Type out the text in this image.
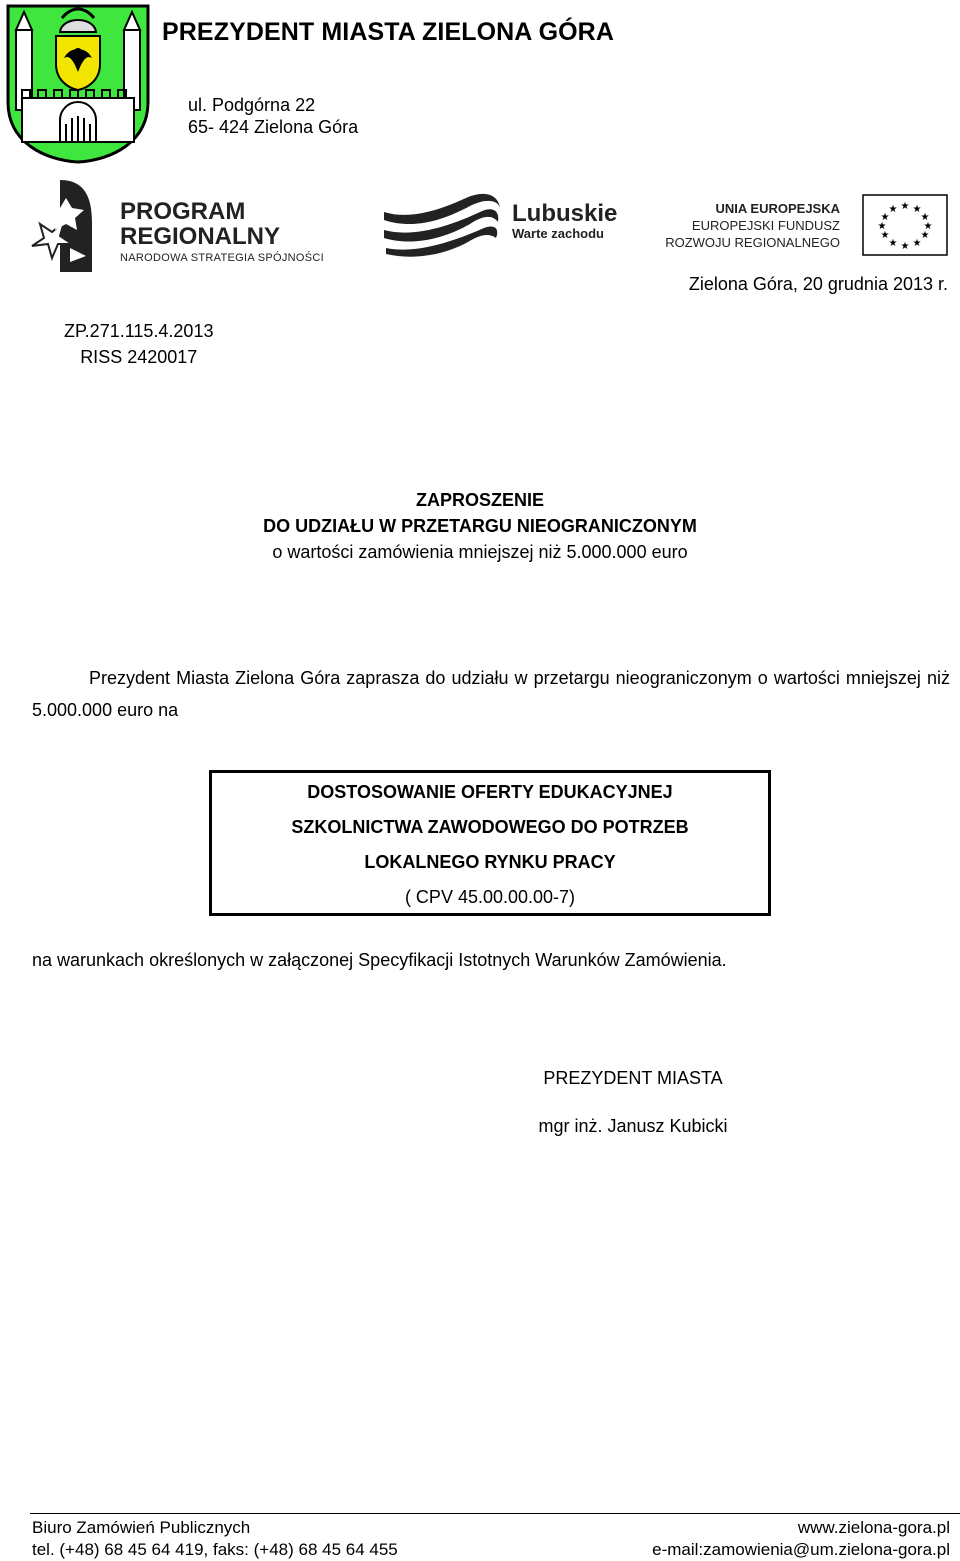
PREZYDENT MIASTA ZIELONA GÓRA
ul. Podgórna 22
65- 424 Zielona Góra
PROGRAM
REGIONALNY
NARODOWA STRATEGIA SPÓJNOŚCI
Lubuskie
Warte zachodu
UNIA EUROPEJSKA
EUROPEJSKI FUNDUSZ
ROZWOJU REGIONALNEGO
★ ★
★
★
★
★
★
★
★
★
★
★
Zielona Góra, 20 grudnia 2013 r.
ZP.271.115.4.2013
RISS 2420017
ZAPROSZENIE
DO UDZIAŁU W PRZETARGU NIEOGRANICZONYM
o wartości zamówienia mniejszej niż 5.000.000 euro
Prezydent Miasta Zielona Góra zaprasza do udziału w przetargu nieograniczonym o wartości mniejszej niż 5.000.000 euro na
DOSTOSOWANIE OFERTY EDUKACYJNEJ
SZKOLNICTWA ZAWODOWEGO DO POTRZEB
LOKALNEGO RYNKU PRACY
( CPV 45.00.00.00-7)
na warunkach określonych w załączonej Specyfikacji Istotnych Warunków Zamówienia.
PREZYDENT MIASTA
mgr inż. Janusz Kubicki
Biuro Zamówień Publicznych	www.zielona-gora.pl
tel. (+48) 68 45 64 419, faks: (+48) 68 45 64 455	e-mail:zamowienia@um.zielona-gora.pl
